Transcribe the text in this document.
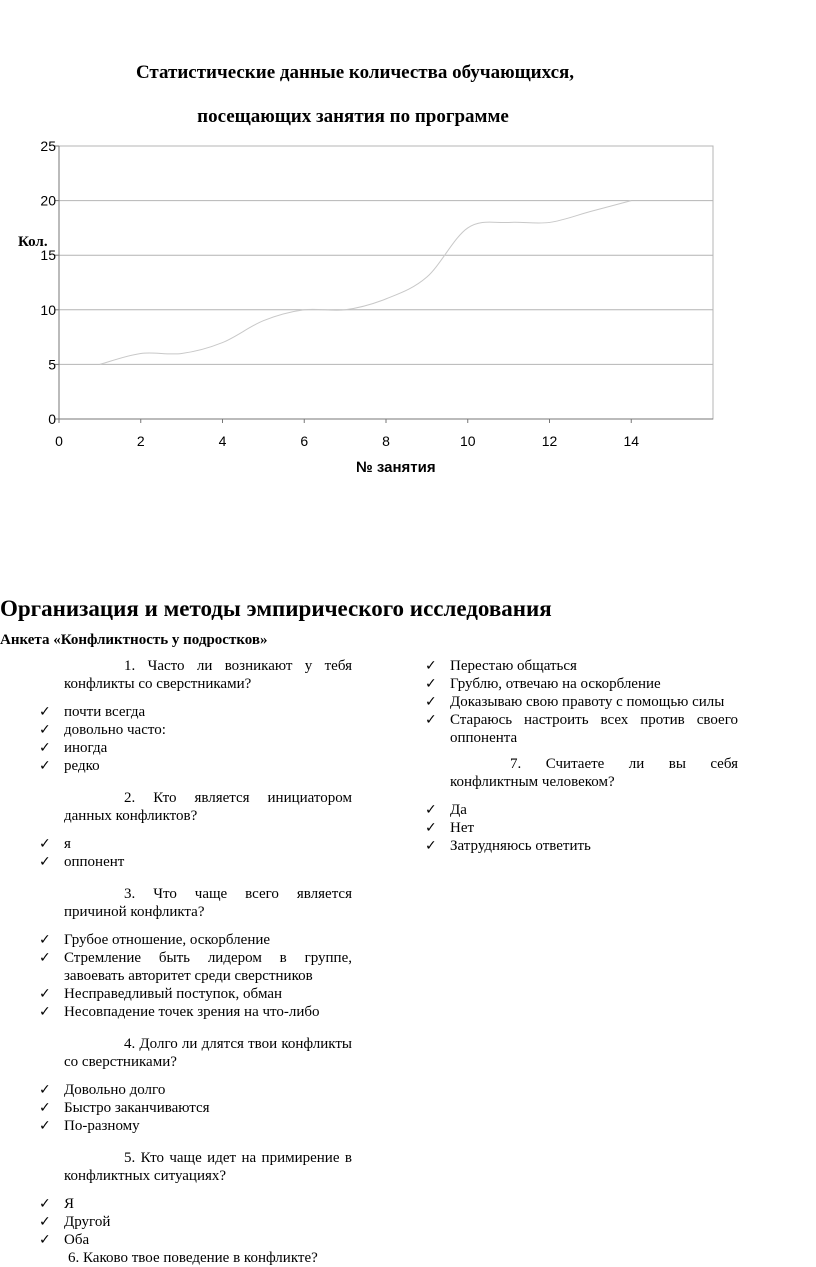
Статистические данные количества обучающихся,
посещающих занятия по программе
0
5
10
15
20
25
0	2	4	6	8	10	12	14
Кол.
№ занятия
Организация и методы эмпирического исследования
Анкета «Конфликтность у подростков»

1. Часто ли возникают у тебя конфликты со сверстниками?

✓ почти всегда
✓ довольно часто:
✓ иногда
✓ редко

2. Кто является инициатором данных конфликтов?

✓ я
✓ оппонент

3. Что чаще всего является причиной конфликта?

✓ Грубое отношение, оскорбление
✓ Стремление быть лидером в группе, завоевать авторитет среди сверстников
✓ Несправедливый поступок, обман
✓ Несовпадение точек зрения на что-либо

4. Долго ли длятся твои конфликты со сверстниками?

✓ Довольно долго
✓ Быстро заканчиваются
✓ По-разному

5. Кто чаще идет на примирение в конфликтных ситуациях?

✓ Я
✓ Другой
✓ Оба

6. Каково твое поведение в конфликте?

✓ Перестаю общаться
✓ Грублю, отвечаю на оскорбление
✓ Доказываю свою правоту с помощью силы
✓ Стараюсь настроить всех против своего оппонента

7. Считаете ли вы себя конфликтным человеком?

✓ Да
✓ Нет
✓ Затрудняюсь ответить
